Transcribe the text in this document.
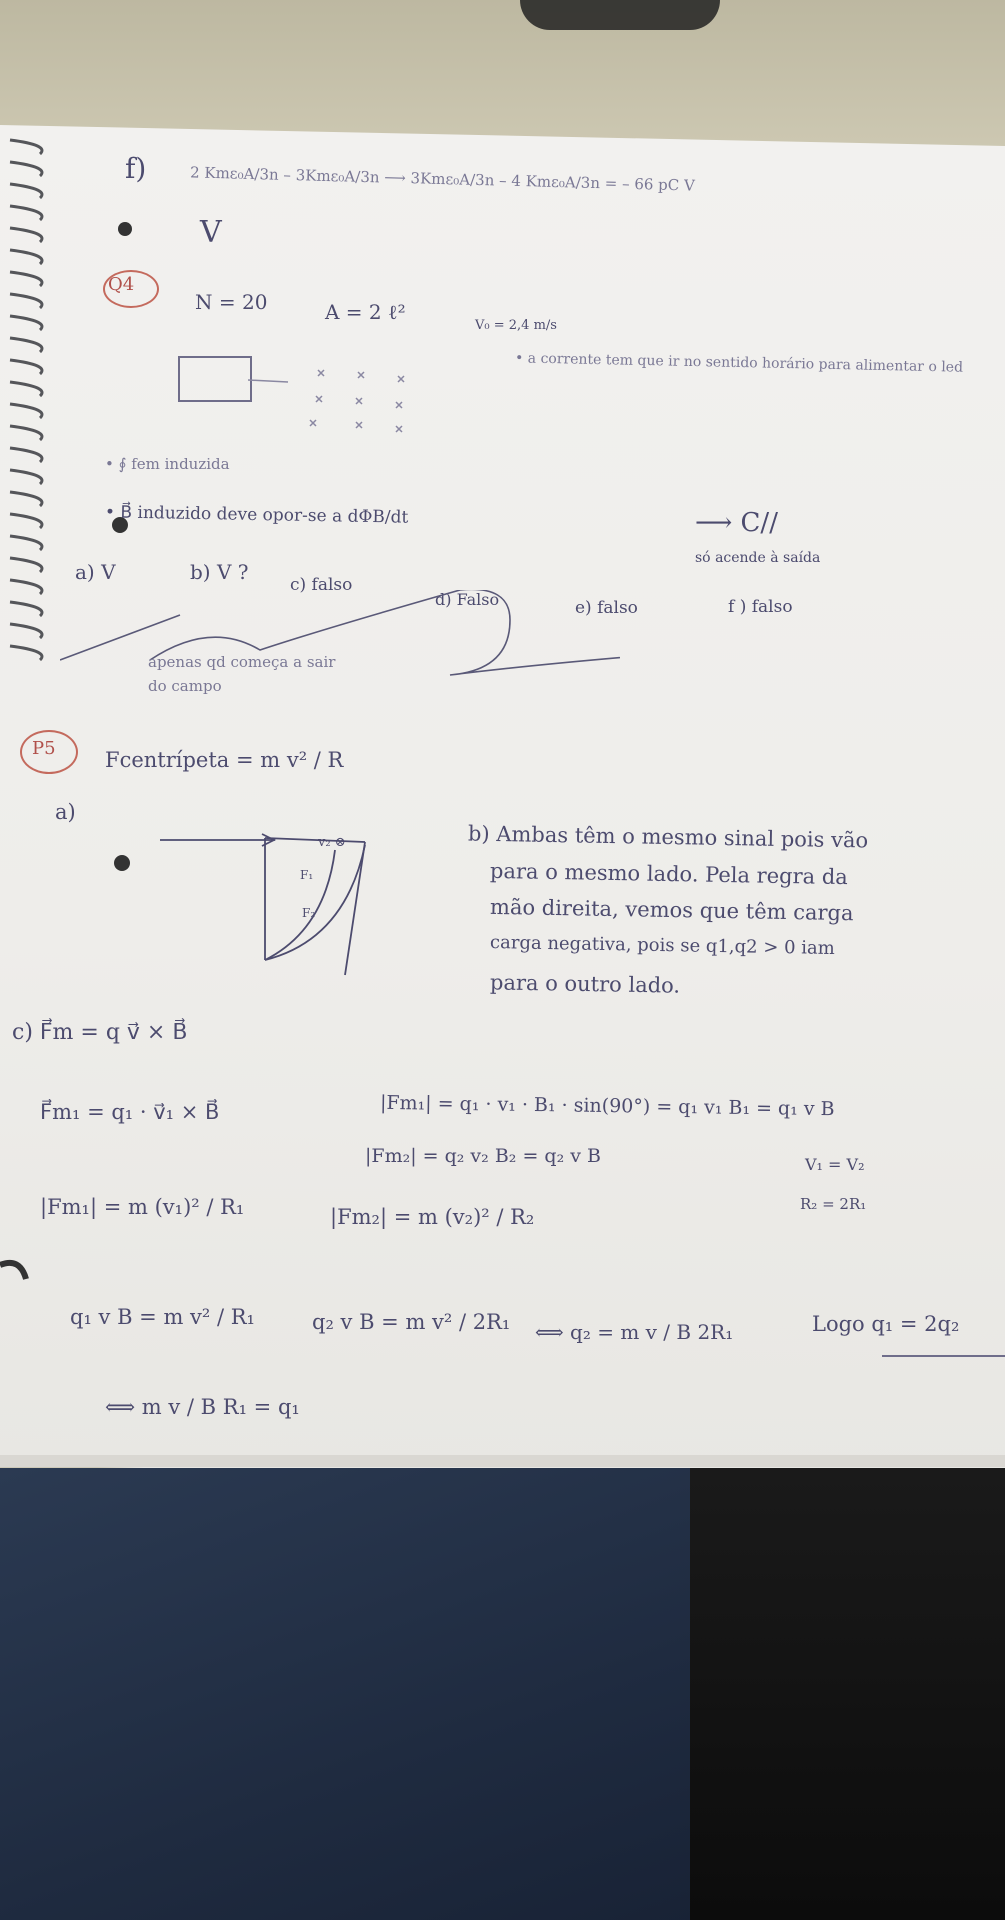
f)	2 Kmε₀A/3n – 3Kmε₀A/3n ⟶ 3Kmε₀A/3n – 4 Kmε₀A/3n = – 66 pC V
V
Q4
N = 20	A = 2 ℓ²
V₀ = 2,4 m/s
• a corrente tem que ir no sentido horário para alimentar o led
• ∮ fem induzida
• B⃗ induzido deve opor-se a dΦB/dt	⟶ C//
só acende à saída
a) V	b) V ?
c) falso
d) Falso	e) falso	f ) falso
apenas qd começa a sair do campo
P5 Fcentrípeta = m v² / R
a)
v₂ ⊗
F₁
F₂
b) Ambas têm o mesmo sinal pois vão
para o mesmo lado. Pela regra da
mão direita, vemos que têm carga
carga negativa, pois se q1,q2 > 0 iam
para o outro lado.
c) F⃗m = q v⃗ × B⃗
F⃗m₁ = q₁ · v⃗₁ × B⃗	|Fm₁| = q₁ · v₁ · B₁ · sin(90°) = q₁ v₁ B₁ = q₁ v B
|Fm₂| = q₂ v₂ B₂ = q₂ v B	V₁ = V₂
R₂ = 2R₁
|Fm₁| = m (v₁)² / R₁	|Fm₂| = m (v₂)² / R₂
q₁ v B = m v² / R₁	q₂ v B = m v² / 2R₁ ⟺ q₂ = m v / B 2R₁	Logo q₁ = 2q₂
⟺ m v / B R₁ = q₁
